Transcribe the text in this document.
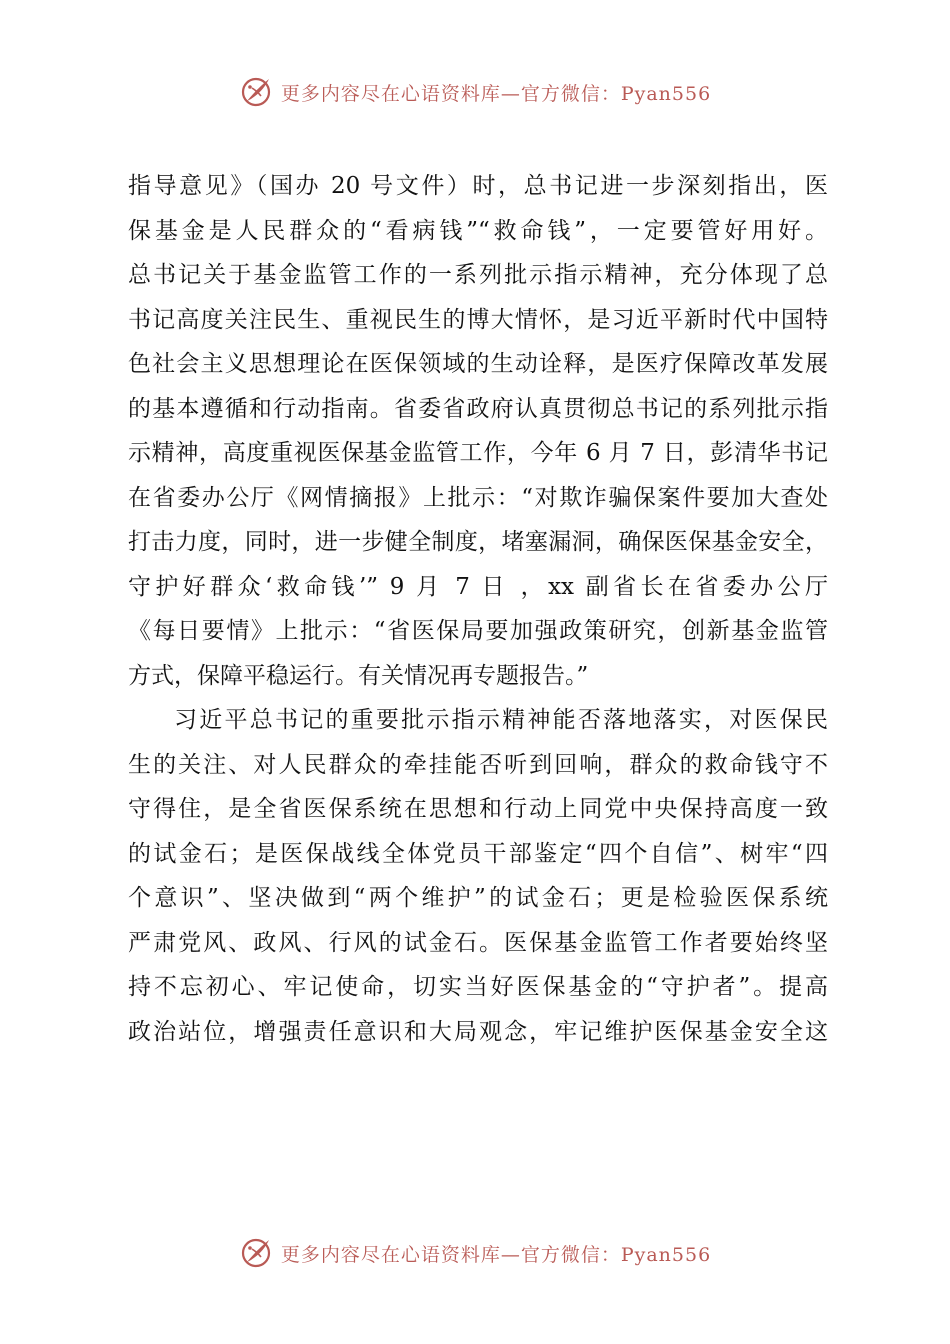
更多内容尽在心语资料库—官方微信：Pyan556
指导意见》（国办 20 号文件）时，总书记进一步深刻指出，医
保基金是人民群众的“看病钱”“救命钱”，一定要管好用好。
总书记关于基金监管工作的一系列批示指示精神，充分体现了总
书记高度关注民生、重视民生的博大情怀，是习近平新时代中国特
色社会主义思想理论在医保领域的生动诠释，是医疗保障改革发展
的基本遵循和行动指南。省委省政府认真贯彻总书记的系列批示指
示精神，高度重视医保基金监管工作，今年 6 月 7 日，彭清华书记
在省委办公厅《网情摘报》上批示：“对欺诈骗保案件要加大查处
打击力度，同时，进一步健全制度，堵塞漏洞，确保医保基金安全，
守护好群众‘救命钱’” 9 月 7 日 ，xx 副省长在省委办公厅
《每日要情》上批示：“省医保局要加强政策研究，创新基金监管
方式，保障平稳运行。有关情况再专题报告。”
习近平总书记的重要批示指示精神能否落地落实，对医保民
生的关注、对人民群众的牵挂能否听到回响，群众的救命钱守不
守得住，是全省医保系统在思想和行动上同党中央保持高度一致
的试金石；是医保战线全体党员干部鉴定“四个自信”、树牢“四
个意识”、坚决做到“两个维护”的试金石；更是检验医保系统
严肃党风、政风、行风的试金石。医保基金监管工作者要始终坚
持不忘初心、牢记使命，切实当好医保基金的“守护者”。提高
政治站位，增强责任意识和大局观念，牢记维护医保基金安全这
更多内容尽在心语资料库—官方微信：Pyan556
